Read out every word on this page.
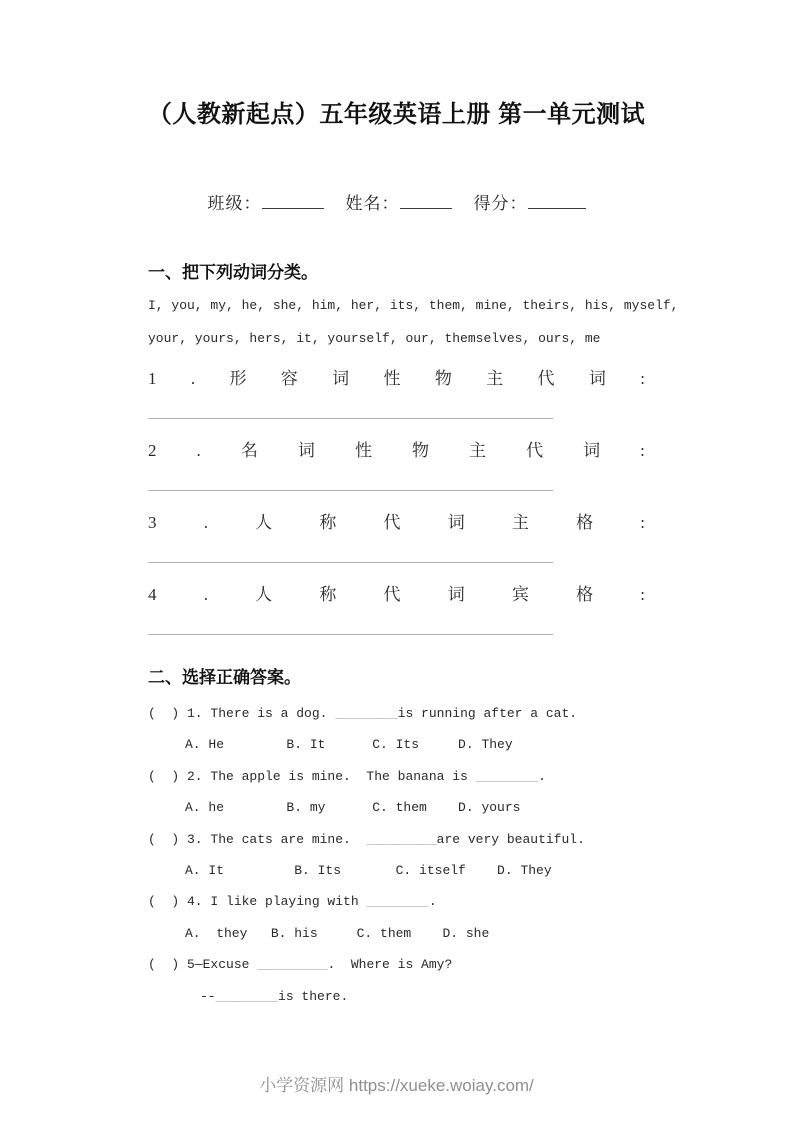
（人教新起点）五年级英语上册 第一单元测试
班级：	姓名：	得分：
一、把下列动词分类。
I, you, my, he, she, him, her, its, them, mine, theirs, his, myself, your, yours, hers, it, yourself, our, themselves, ours, me
1 . 形 容 词 性 物 主 代 词 :
2 . 名 词 性 物 主 代 词 :
3	.	人	称	代	词	主	格	:
4	.	人	称	代	词	宾	格	:
二、选择正确答案。
(  ) 1. There is a dog. ________is running after a cat.
A. He        B. It      C. Its     D. They
(  ) 2. The apple is mine.  The banana is ________.
A. he        B. my      C. them    D. yours
(  ) 3. The cats are mine.  _________are very beautiful.
A. It         B. Its       C. itself    D. They
(  ) 4. I like playing with ________.
A.  they   B. his     C. them    D. she
(  ) 5—Excuse _________.  Where is Amy?
--________is there.
小学资源网 https://xueke.woiay.com/
